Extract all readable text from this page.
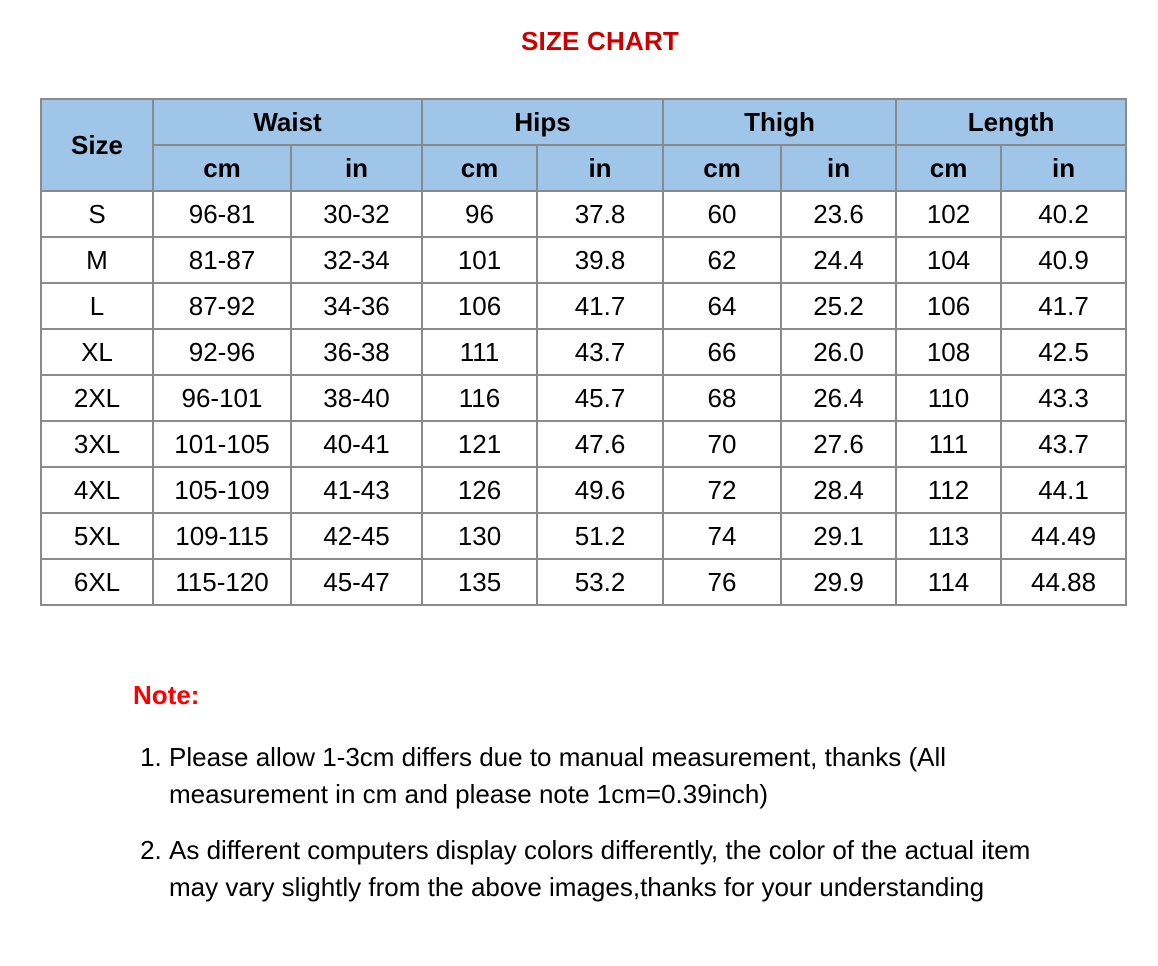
SIZE CHART
Size	Waist		Hips		Thigh		Length	
	cm	in	cm	in	cm	in	cm	in
S	96-81	30-32	96	37.8	60	23.6	102	40.2
M	81-87	32-34	101	39.8	62	24.4	104	40.9
L	87-92	34-36	106	41.7	64	25.2	106	41.7
XL	92-96	36-38	111	43.7	66	26.0	108	42.5
2XL	96-101	38-40	116	45.7	68	26.4	110	43.3
3XL	101-105	40-41	121	47.6	70	27.6	111	43.7
4XL	105-109	41-43	126	49.6	72	28.4	112	44.1
5XL	109-115	42-45	130	51.2	74	29.1	113	44.49
6XL	115-120	45-47	135	53.2	76	29.9	114	44.88
Note:
1. Please allow 1-3cm differs due to manual measurement, thanks (All measurement in cm and please note 1cm=0.39inch)
2. As different computers display colors differently, the color of the actual item may vary slightly from the above images,thanks for your understanding
